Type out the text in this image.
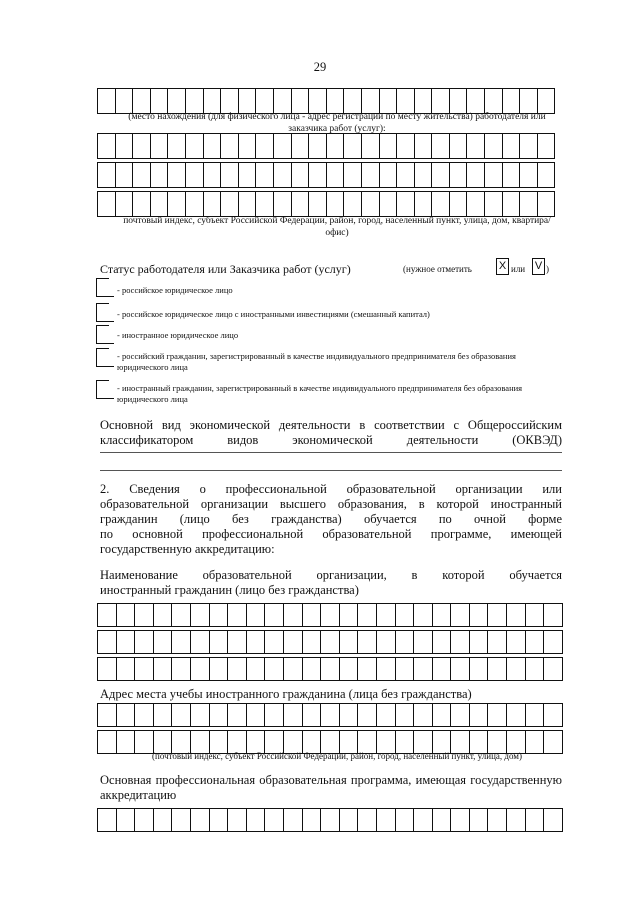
29
(место нахождения (для физического лица - адрес регистрации по месту жительства) работодателя или заказчика работ (услуг):
почтовый индекс, субъект Российской Федерации, район, город, населенный пункт, улица, дом, квартира/офис)
Статус работодателя или Заказчика работ (услуг)	(нужное отметить X или V )
- российское юридическое лицо
- российское юридическое лицо с иностранными инвестициями (смешанный капитал)
- иностранное юридическое лицо
- российский гражданин, зарегистрированный в качестве индивидуального предпринимателя без образования юридического лица
- иностранный гражданин, зарегистрированный в качестве индивидуального предпринимателя без образования юридического лица
Основной вид экономической деятельности в соответствии с Общероссийским
классификатором видов экономической деятельности (ОКВЭД)
2. Сведения о профессиональной образовательной организации или
образовательной организации высшего образования, в которой иностранный
гражданин (лицо без гражданства) обучается по очной форме
по основной профессиональной образовательной программе, имеющей
государственную аккредитацию:
Наименование образовательной организации, в которой обучается
иностранный гражданин (лицо без гражданства)
Адрес места учебы иностранного гражданина (лица без гражданства)
(почтовый индекс, субъект Российской Федерации, район, город, населенный пункт, улица, дом)
Основная профессиональная образовательная программа, имеющая государственную
аккредитацию
